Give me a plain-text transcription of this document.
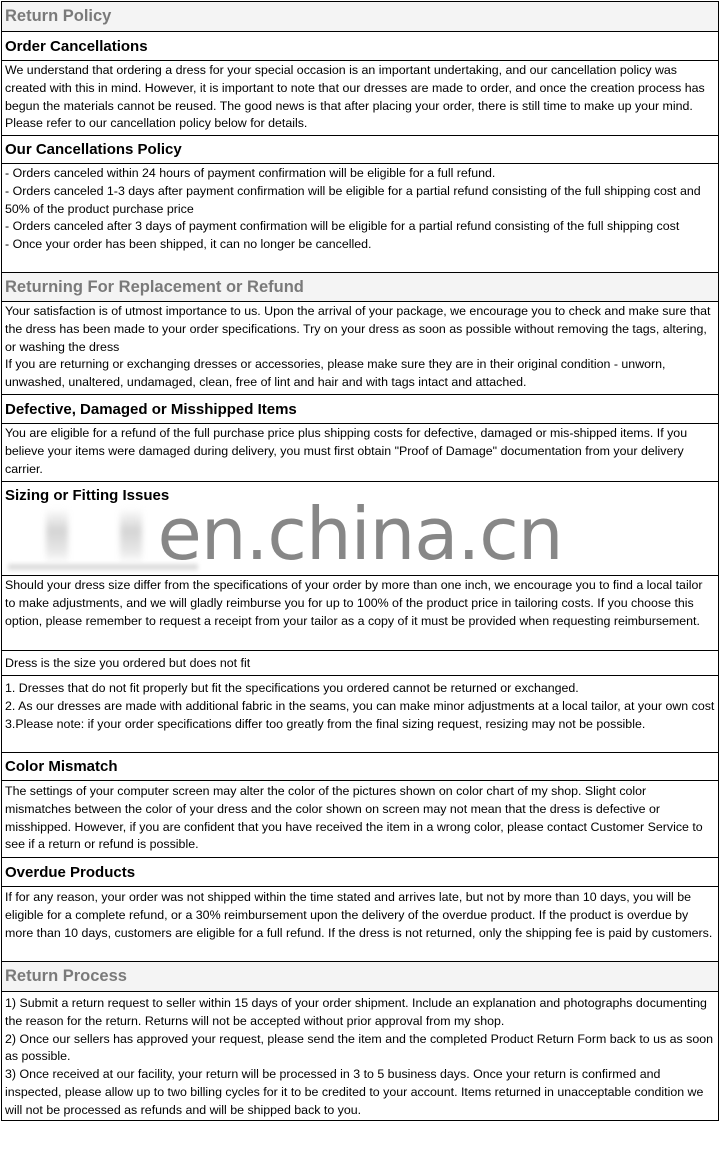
Return Policy
Order Cancellations
We understand that ordering a dress for your special occasion is an important undertaking, and our cancellation policy was created with this in mind. However, it is important to note that our dresses are made to order, and once the creation process has begun the materials cannot be reused. The good news is that after placing your order, there is still time to make up your mind. Please refer to our cancellation policy below for details.
Our Cancellations Policy

- Orders canceled within 24 hours of payment confirmation will be eligible for a full refund.

- Orders canceled 1-3 days after payment confirmation will be eligible for a partial refund consisting of the full shipping cost and 50% of the product purchase price

- Orders canceled after 3 days of payment confirmation will be eligible for a partial refund consisting of the full shipping cost

- Once your order has been shipped, it can no longer be cancelled.

Returning For Replacement or Refund

Your satisfaction is of utmost importance to us. Upon the arrival of your package, we encourage you to check and make sure that the dress has been made to your order specifications. Try on your dress as soon as possible without removing the tags, altering, or washing the dress

If you are returning or exchanging dresses or accessories, please make sure they are in their original condition - unworn, unwashed, unaltered, undamaged, clean, free of lint and hair and with tags intact and attached.

Defective, Damaged or Misshipped Items
You are eligible for a refund of the full purchase price plus shipping costs for defective, damaged or mis-shipped items. If you believe your items were damaged during delivery, you must first obtain "Proof of Damage" documentation from your delivery carrier.
Sizing or Fitting Issues
en.china.cn
Should your dress size differ from the specifications of your order by more than one inch, we encourage you to find a local tailor to make adjustments, and we will gladly reimburse you for up to 100% of the product price in tailoring costs. If you choose this option, please remember to request a receipt from your tailor as a copy of it must be provided when requesting reimbursement.
Dress is the size you ordered but does not fit

1. Dresses that do not fit properly but fit the specifications you ordered cannot be returned or exchanged.

2. As our dresses are made with additional fabric in the seams, you can make minor adjustments at a local tailor, at your own cost

3.Please note: if your order specifications differ too greatly from the final sizing request, resizing may not be possible.

Color Mismatch
The settings of your computer screen may alter the color of the pictures shown on color chart of my shop. Slight color mismatches between the color of your dress and the color shown on screen may not mean that the dress is defective or misshipped. However, if you are confident that you have received the item in a wrong color, please contact Customer Service to see if a return or refund is possible.
Overdue Products
If for any reason, your order was not shipped within the time stated and arrives late, but not by more than 10 days, you will be eligible for a complete refund, or a 30% reimbursement upon the delivery of the overdue product. If the product is overdue by more than 10 days, customers are eligible for a full refund. If the dress is not returned, only the shipping fee is paid by customers.
Return Process

1) Submit a return request to seller within 15 days of your order shipment. Include an explanation and photographs documenting the reason for the return. Returns will not be accepted without prior approval from my shop.

2) Once our sellers has approved your request, please send the item and the completed Product Return Form back to us as soon as possible.

3) Once received at our facility, your return will be processed in 3 to 5 business days. Once your return is confirmed and inspected, please allow up to two billing cycles for it to be credited to your account. Items returned in unacceptable condition we will not be processed as refunds and will be shipped back to you.
